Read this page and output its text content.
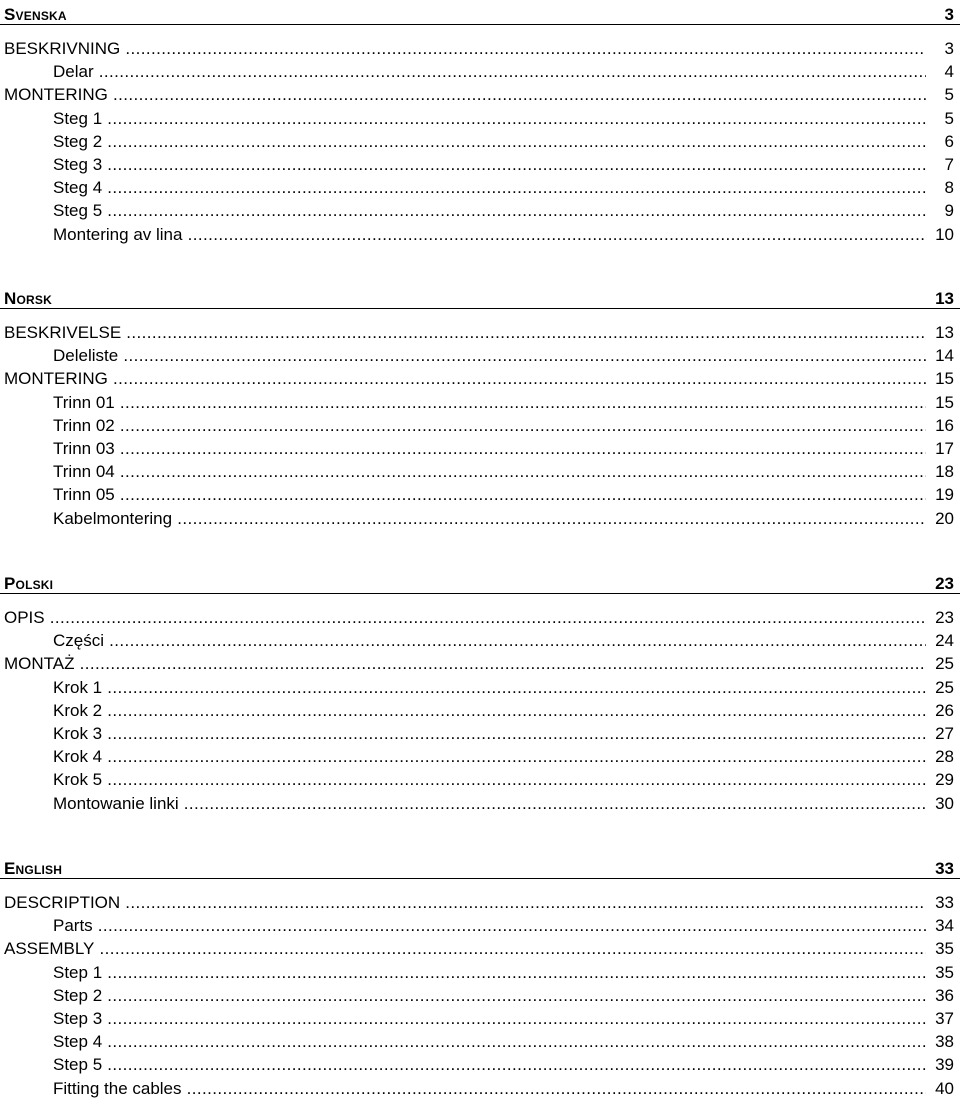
Svenska	3
BESKRIVNING .....	3
Delar .....	4
MONTERING .....	5
Steg 1 .....	5
Steg 2 .....	6
Steg 3 .....	7
Steg 4 .....	8
Steg 5 .....	9
Montering av lina .....	10
Norsk	13
BESKRIVELSE .....	13
Deleliste .....	14
MONTERING .....	15
Trinn 01 .....	15
Trinn 02 .....	16
Trinn 03 .....	17
Trinn 04 .....	18
Trinn 05 .....	19
Kabelmontering .....	20
Polski	23
OPIS .....	23
Części .....	24
MONTAŻ .....	25
Krok 1 .....	25
Krok 2 .....	26
Krok 3 .....	27
Krok 4 .....	28
Krok 5 .....	29
Montowanie linki .....	30
English	33
DESCRIPTION .....	33
Parts .....	34
ASSEMBLY .....	35
Step 1 .....	35
Step 2 .....	36
Step 3 .....	37
Step 4 .....	38
Step 5 .....	39
Fitting the cables .....	40
